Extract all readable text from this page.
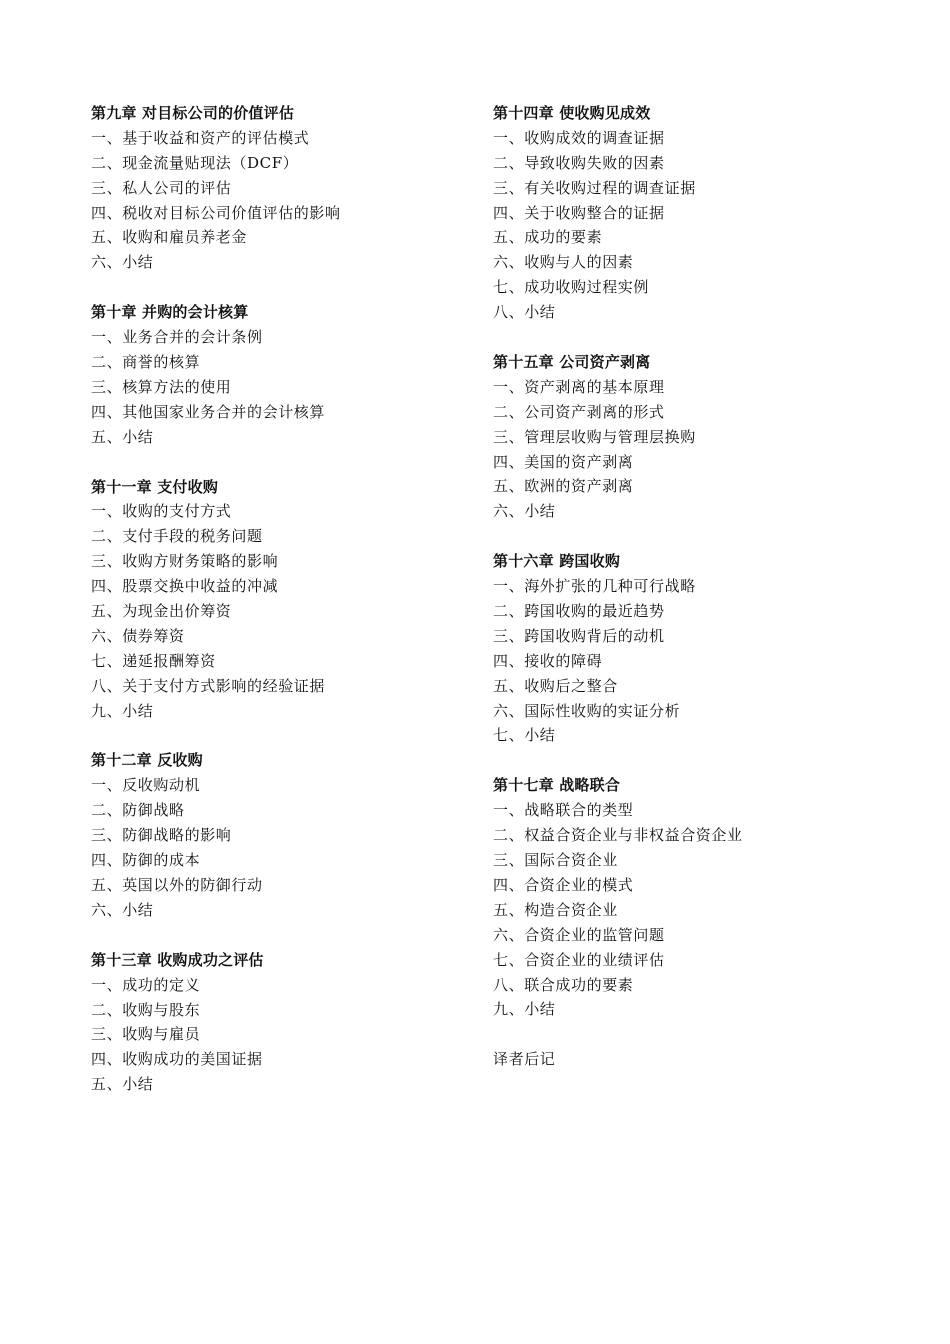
第九章 对目标公司的价值评估
一、基于收益和资产的评估模式
二、现金流量贴现法（DCF）
三、私人公司的评估
四、税收对目标公司价值评估的影响
五、收购和雇员养老金
六、小结
第十章 并购的会计核算
一、业务合并的会计条例
二、商誉的核算
三、核算方法的使用
四、其他国家业务合并的会计核算
五、小结
第十一章 支付收购
一、收购的支付方式
二、支付手段的税务问题
三、收购方财务策略的影响
四、股票交换中收益的冲减
五、为现金出价筹资
六、债券筹资
七、递延报酬筹资
八、关于支付方式影响的经验证据
九、小结
第十二章 反收购
一、反收购动机
二、防御战略
三、防御战略的影响
四、防御的成本
五、英国以外的防御行动
六、小结
第十三章 收购成功之评估
一、成功的定义
二、收购与股东
三、收购与雇员
四、收购成功的美国证据
五、小结
第十四章 使收购见成效
一、收购成效的调查证据
二、导致收购失败的因素
三、有关收购过程的调查证据
四、关于收购整合的证据
五、成功的要素
六、收购与人的因素
七、成功收购过程实例
八、小结
第十五章 公司资产剥离
一、资产剥离的基本原理
二、公司资产剥离的形式
三、管理层收购与管理层换购
四、美国的资产剥离
五、欧洲的资产剥离
六、小结
第十六章 跨国收购
一、海外扩张的几种可行战略
二、跨国收购的最近趋势
三、跨国收购背后的动机
四、接收的障碍
五、收购后之整合
六、国际性收购的实证分析
七、小结
第十七章 战略联合
一、战略联合的类型
二、权益合资企业与非权益合资企业
三、国际合资企业
四、合资企业的模式
五、构造合资企业
六、合资企业的监管问题
七、合资企业的业绩评估
八、联合成功的要素
九、小结
译者后记
